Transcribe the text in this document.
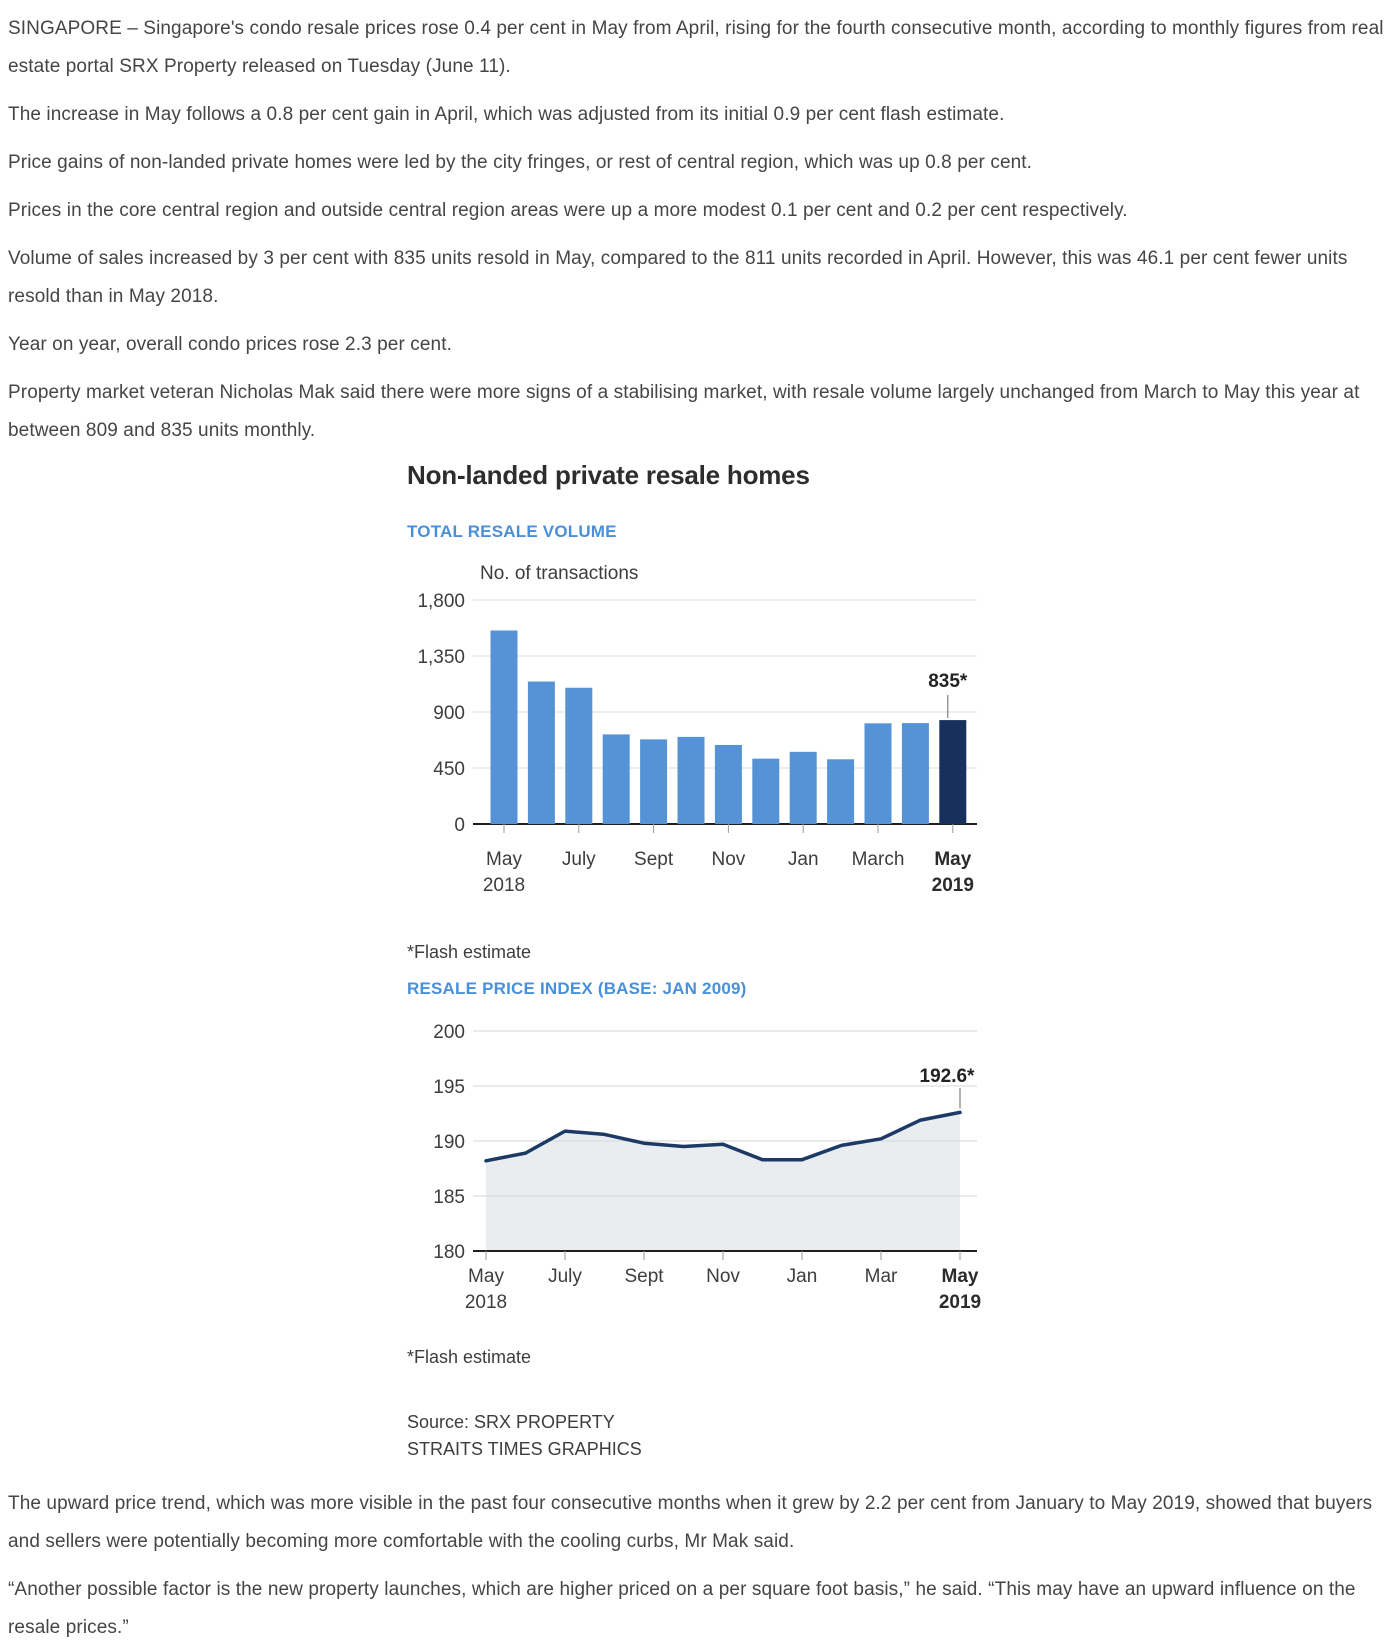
SINGAPORE – Singapore's condo resale prices rose 0.4 per cent in May from April, rising for the fourth consecutive month, according to monthly figures from real estate portal SRX Property released on Tuesday (June 11).

The increase in May follows a 0.8 per cent gain in April, which was adjusted from its initial 0.9 per cent flash estimate.

Price gains of non-landed private homes were led by the city fringes, or rest of central region, which was up 0.8 per cent.

Prices in the core central region and outside central region areas were up a more modest 0.1 per cent and 0.2 per cent respectively.

Volume of sales increased by 3 per cent with 835 units resold in May, compared to the 811 units recorded in April. However, this was 46.1 per cent fewer units resold than in May 2018.

Year on year, overall condo prices rose 2.3 per cent.

Property market veteran Nicholas Mak said there were more signs of a stabilising market, with resale volume largely unchanged from March to May this year at between 809 and 835 units monthly.

Non-landed private resale homes
TOTAL RESALE VOLUME
No. of transactions
1,800
1,350
900
450
0
May
2018
July Sept Nov Jan March May
2019
835*
*Flash estimate
RESALE PRICE INDEX (BASE: JAN 2009)
200
195
190
185
180
May
2018
July Sept Nov Jan Mar May
2019
192.6*
*Flash estimate
Source: SRX PROPERTY
STRAITS TIMES GRAPHICS

The upward price trend, which was more visible in the past four consecutive months when it grew by 2.2 per cent from January to May 2019, showed that buyers and sellers were potentially becoming more comfortable with the cooling curbs, Mr Mak said.

“Another possible factor is the new property launches, which are higher priced on a per square foot basis,” he said. “This may have an upward influence on the resale prices.”
